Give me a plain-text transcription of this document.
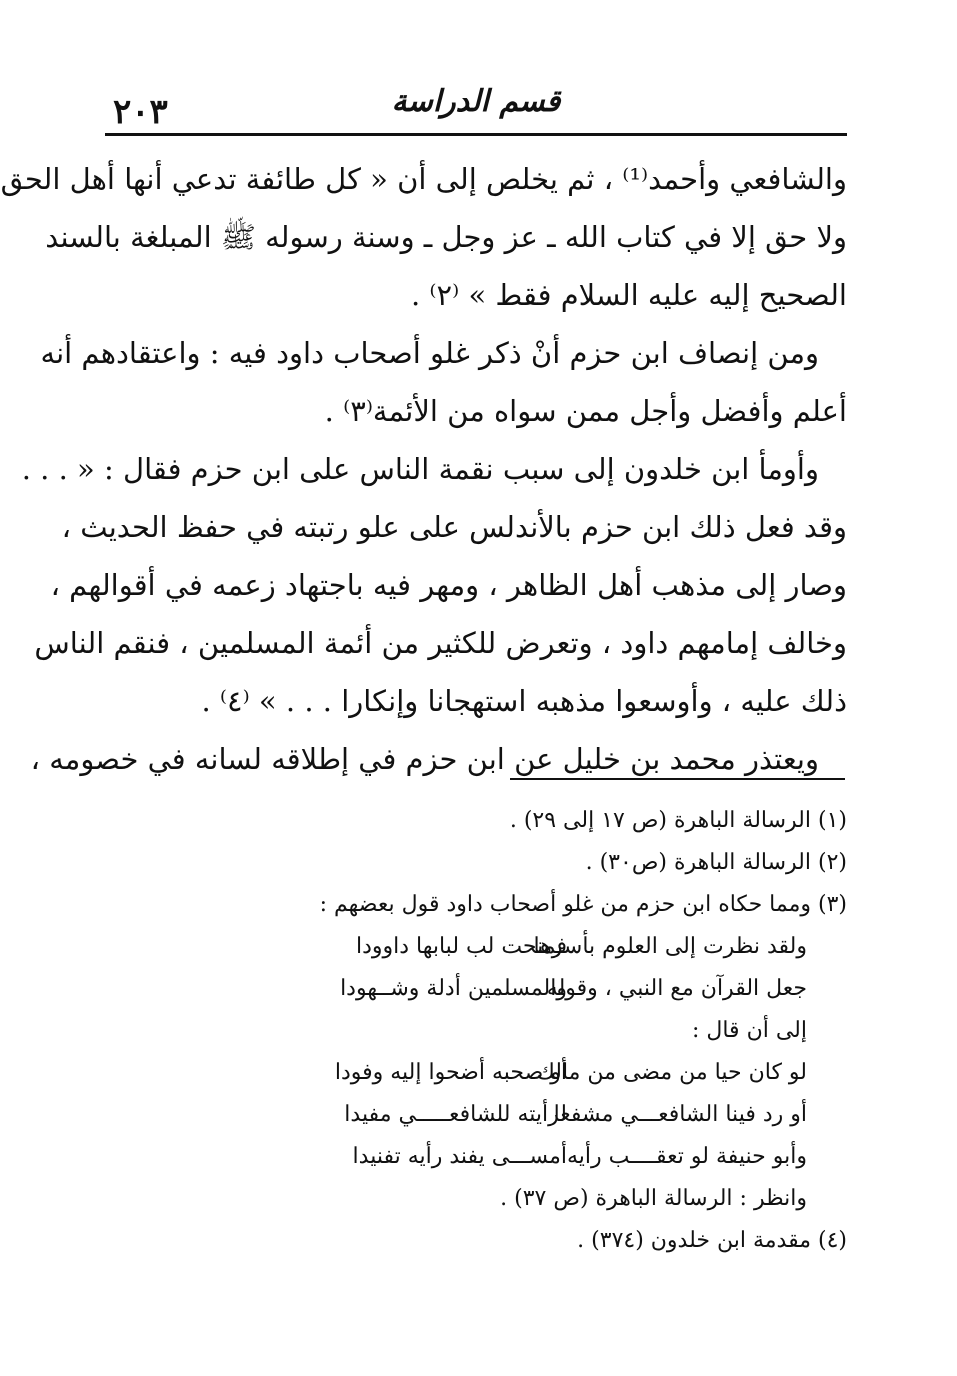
٢٠٣	قسم الدراسة
والشافعي وأحمد⁽¹⁾ ، ثم يخلص إلى أن « كل طائفة تدعي أنها أهل الحق
ولا حق إلا في كتاب الله ـ عز وجل ـ وسنة رسوله ﷺ المبلغة بالسند
الصحيح إليه عليه السلام فقط » ⁽٢⁾ .
ومن إنصاف ابن حزم أنْ ذكر غلو أصحاب داود فيه : واعتقادهم أنه
أعلم وأفضل وأجل ممن سواه من الأئمة⁽٣⁾ .
وأومأ ابن خلدون إلى سبب نقمة الناس على ابن حزم فقال : « . . .
وقد فعل ذلك ابن حزم بالأندلس على علو رتبته في حفظ الحديث ،
وصار إلى مذهب أهل الظاهر ، ومهر فيه باجتهاد زعمه في أقوالهم ،
وخالف إمامهم داود ، وتعرض للكثير من أئمة المسلمين ، فنقم الناس
ذلك عليه ، وأوسعوا مذهبه استهجانا وإنكارا . . . » ⁽٤⁾ .
ويعتذر محمد بن خليل عن ابن حزم في إطلاقه لسانه في خصومه ،

(١) الرسالة الباهرة (ص ١٧ إلى ٢٩) .

(٢) الرسالة الباهرة (ص٣٠) .

(٣) ومما حكاه ابن حزم من غلو أصحاب داود قول بعضهم :

ولقد نظرت إلى العلوم بأسرها
فمنحت لب لبابها داوودا
جعل القرآن مع النبي ، وقوله
والمسلمين أدلة وشــهودا

إلى أن قال :

لو كان حيا من مضى من مالك
أو صحبه أضحوا إليه وفودا
أو رد فينا الشافعـــي مشفعا
لرأيته للشافعـــــي مفيدا
وأبو حنيفة لو تعقــــب رأيه
أمســـى يفند رأيه تفنيدا

وانظر : الرسالة الباهرة (ص ٣٧) .

(٤) مقدمة ابن خلدون (٣٧٤) .
